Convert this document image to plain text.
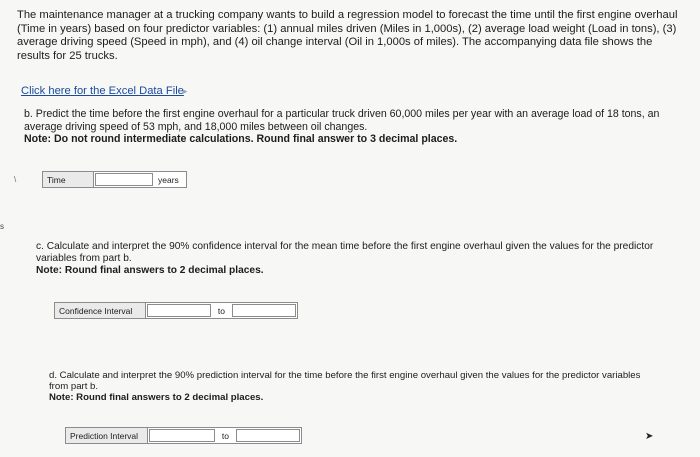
The maintenance manager at a trucking company wants to build a regression model to forecast the time until the first engine overhaul (Time in years) based on four predictor variables: (1) annual miles driven (Miles in 1,000s), (2) average load weight (Load in tons), (3) average driving speed (Speed in mph), and (4) oil change interval (Oil in 1,000s of miles). The accompanying data file shows the results for 25 trucks.
Click here for the Excel Data File ▸
b. Predict the time before the first engine overhaul for a particular truck driven 60,000 miles per year with an average load of 18 tons, an average driving speed of 53 mph, and 18,000 miles between oil changes.
Note: Do not round intermediate calculations. Round final answer to 3 decimal places.
\
s
Time	years
c. Calculate and interpret the 90% confidence interval for the mean time before the first engine overhaul given the values for the predictor variables from part b.
Note: Round final answers to 2 decimal places.
Confidence Interval	to
d. Calculate and interpret the 90% prediction interval for the time before the first engine overhaul given the values for the predictor variables from part b.
Note: Round final answers to 2 decimal places.
Prediction Interval	to	➤
